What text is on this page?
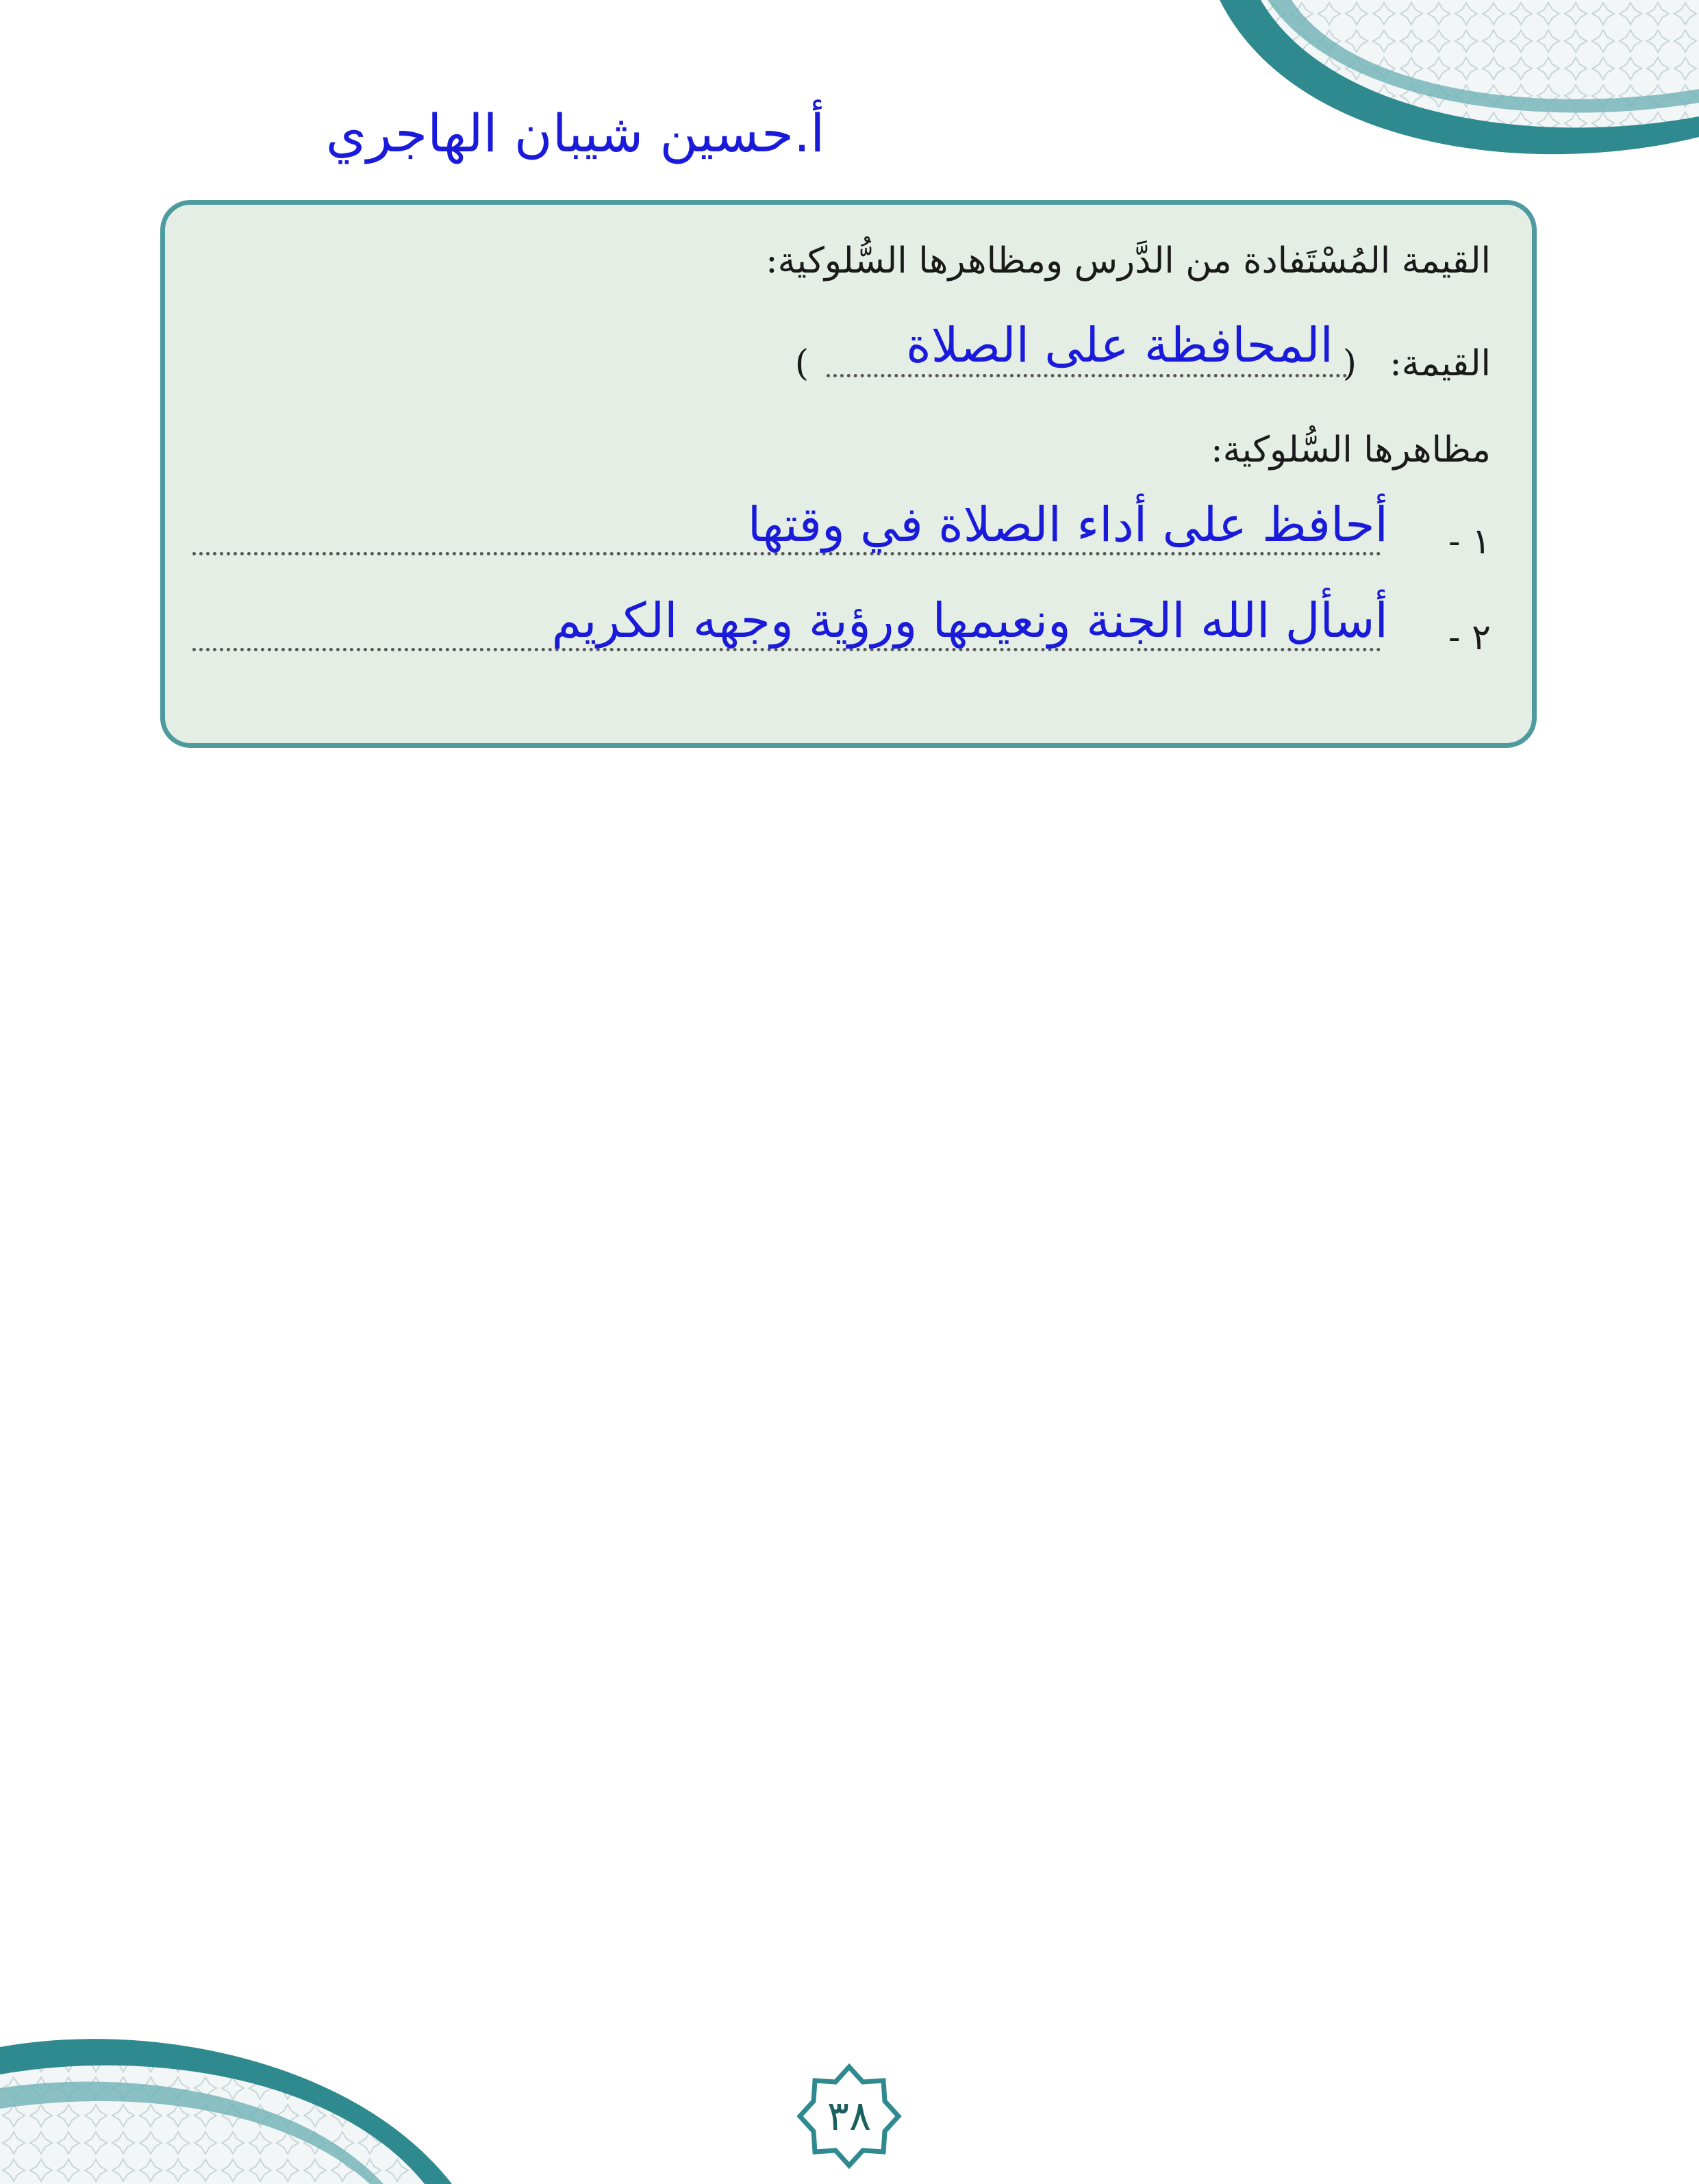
أ.حسين شيبان الهاجري
القيمة المُسْتَفادة من الدَّرس ومظاهرها السُّلوكية:
القيمة:
(
) المحافظة على الصلاة
مظاهرها السُّلوكية:
١ -
أحافظ على أداء الصلاة في وقتها
٢ -
أسأل الله الجنة ونعيمها ورؤية وجهه الكريم
٣٨
